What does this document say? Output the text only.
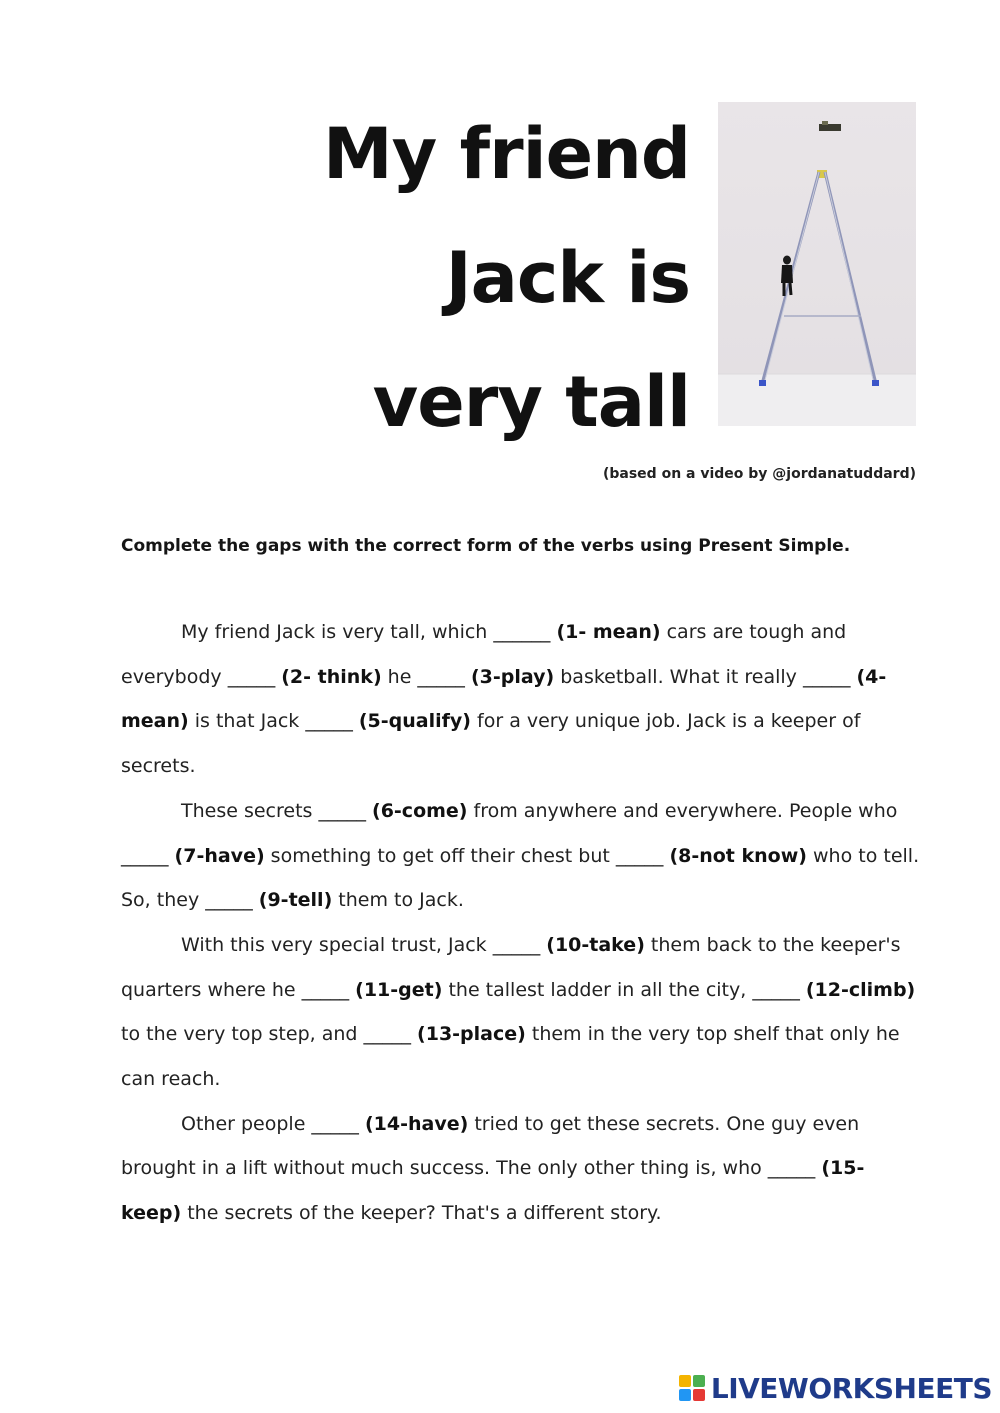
My friend
Jack is
very tall

(based on a video by @jordanatuddard)

Complete the gaps with the correct form of the verbs using Present Simple.

My friend Jack is very tall, which ______ (1- mean) cars are tough and everybody _____ (2- think) he _____ (3-play) basketball. What it really _____ (4-mean) is that Jack _____ (5-qualify) for a very unique job. Jack is a keeper of secrets.

These secrets _____ (6-come) from anywhere and everywhere. People who _____ (7-have) something to get off their chest but _____ (8-not know) who to tell. So, they _____ (9-tell) them to Jack.

With this very special trust, Jack _____ (10-take) them back to the keeper's quarters where he _____ (11-get) the tallest ladder in all the city, _____ (12-climb) to the very top step, and _____ (13-place) them in the very top shelf that only he can reach.

Other people _____ (14-have) tried to get these secrets. One guy even brought in a lift without much success. The only other thing is, who _____ (15-keep) the secrets of the keeper? That's a different story.

LIVEWORKSHEETS
